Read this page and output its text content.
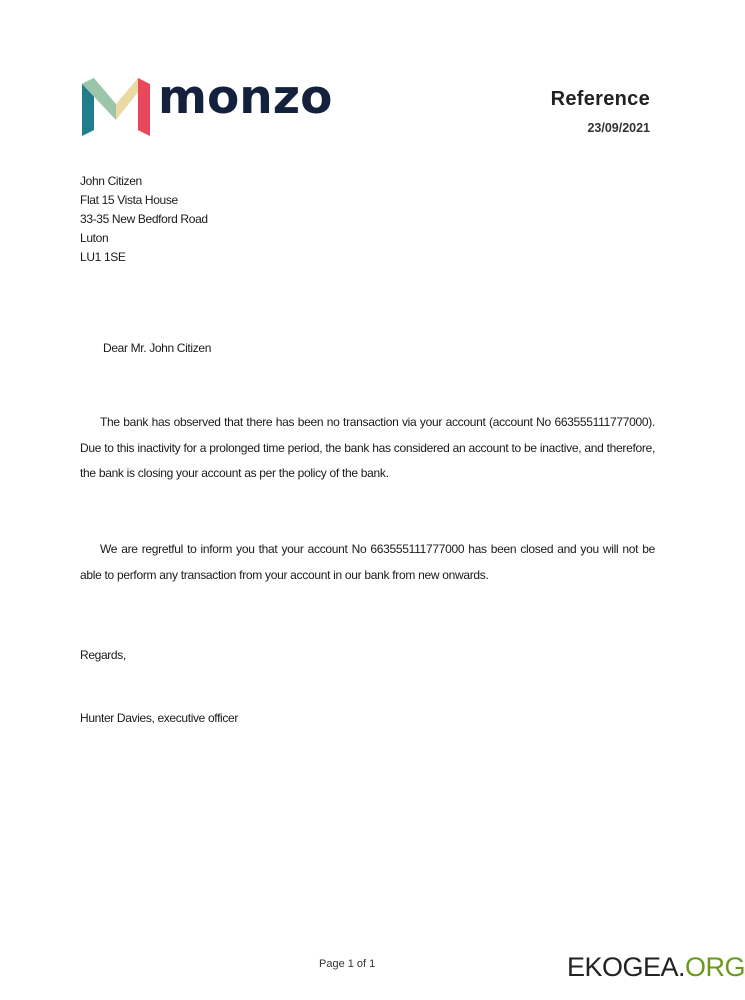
monzo	Reference
23/09/2021
John Citizen
Flat 15 Vista House
33-35 New Bedford Road
Luton
LU1 1SE
Dear Mr. John Citizen
The bank has observed that there has been no transaction via your account (account No 663555111777000). Due to this inactivity for a prolonged time period, the bank has considered an account to be inactive, and therefore, the bank is closing your account as per the policy of the bank.
We are regretful to inform you that your account No 663555111777000 has been closed and you will not be able to perform any transaction from your account in our bank from new onwards.
Regards,
Hunter Davies, executive officer
Page 1 of 1	EKOGEA.ORG
